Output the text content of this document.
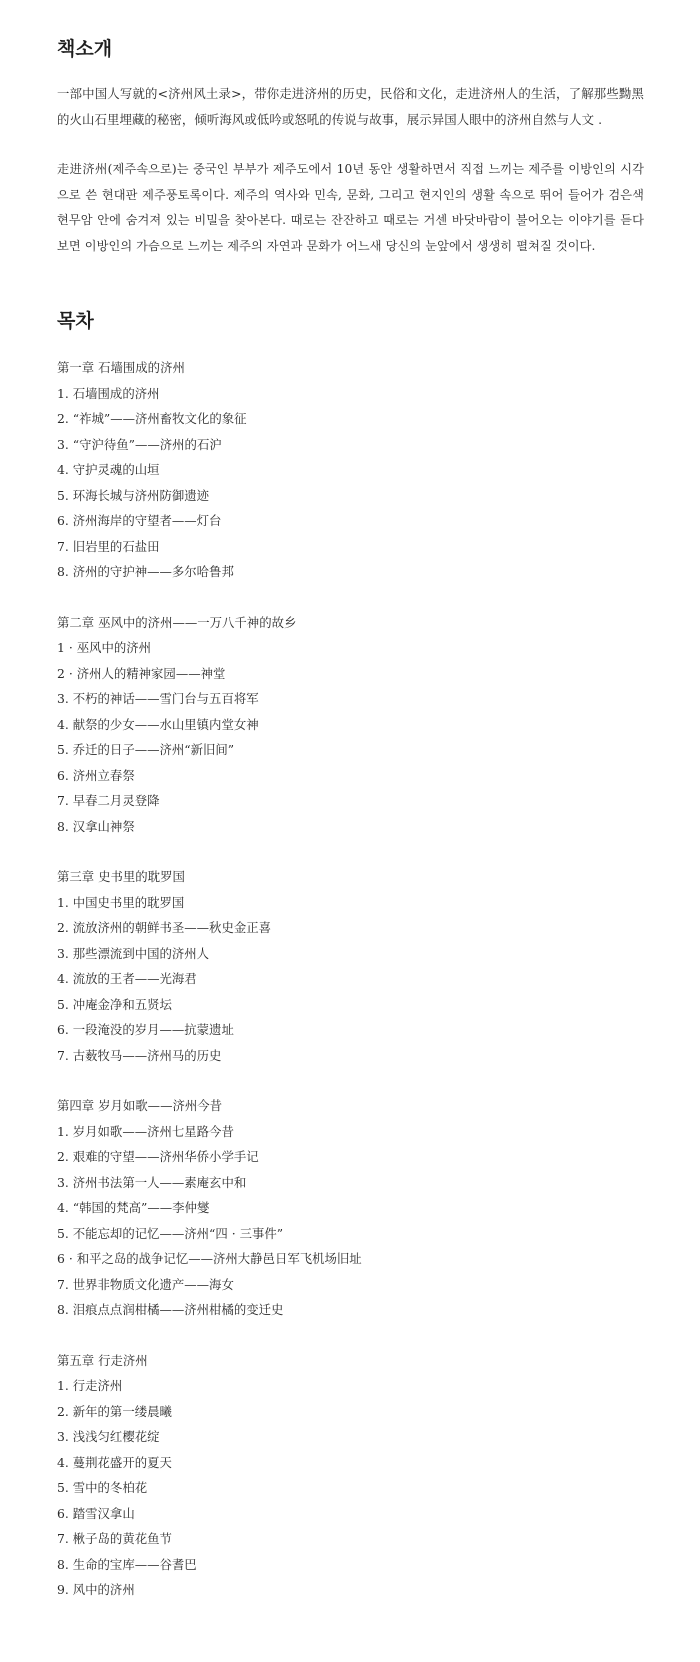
책소개

一部中国人写就的<济州风土录>，带你走进济州的历史，民俗和文化，走进济州人的生活，了解那些黝黑的火山石里埋藏的秘密，倾听海风或低吟或怒吼的传说与故事，展示异国人眼中的济州自然与人文 .

走进济州(제주속으로)는 중국인 부부가 제주도에서 10년 동안 생활하면서 직접 느끼는 제주를 이방인의 시각으로 쓴 현대판 제주풍토록이다. 제주의 역사와 민속, 문화, 그리고 현지인의 생활 속으로 뛰어 들어가 검은색 현무암 안에 숨겨져 있는 비밀을 찾아본다. 때로는 잔잔하고 때로는 거센 바닷바람이 불어오는 이야기를 듣다 보면 이방인의 가슴으로 느끼는 제주의 자연과 문화가 어느새 당신의 눈앞에서 생생히 펼쳐질 것이다.

목차
第一章 石墙围成的济州
1. 石墙围成的济州
2. “祚城”——济州畜牧文化的象征
3. “守沪待鱼”——济州的石沪
4. 守护灵魂的山垣
5. 环海长城与济州防御遗迹
6. 济州海岸的守望者——灯台
7. 旧岩里的石盐田
8. 济州的守护神——多尔哈鲁邦
第二章 巫风中的济州——一万八千神的故乡
1 · 巫风中的济州
2 · 济州人的精神家园——神堂
3. 不朽的神话——雪门台与五百将军
4. 献祭的少女——水山里镇内堂女神
5. 乔迁的日子——济州“新旧间”
6. 济州立春祭
7. 早春二月灵登降
8. 汉拿山神祭
第三章 史书里的耽罗国
1. 中国史书里的耽罗国
2. 流放济州的朝鲜书圣——秋史金正喜
3. 那些漂流到中国的济州人
4. 流放的王者——光海君
5. 冲庵金净和五贤坛
6. 一段淹没的岁月——抗蒙遗址
7. 古薮牧马——济州马的历史
第四章 岁月如歌——济州今昔
1. 岁月如歌——济州七星路今昔
2. 艰难的守望——济州华侨小学手记
3. 济州书法第一人——素庵玄中和
4. “韩国的梵高”——李仲燮
5. 不能忘却的记忆——济州“四 · 三事件”
6 · 和平之岛的战争记忆——济州大静邑日军飞机场旧址
7. 世界非物质文化遗产——海女
8. 泪痕点点润柑橘——济州柑橘的变迁史
第五章 行走济州
1. 行走济州
2. 新年的第一缕晨曦
3. 浅浅匀红樱花绽
4. 蔓荆花盛开的夏天
5. 雪中的冬柏花
6. 踏雪汉拿山
7. 楸子岛的黄花鱼节
8. 生命的宝库——谷耆巴
9. 风中的济州
